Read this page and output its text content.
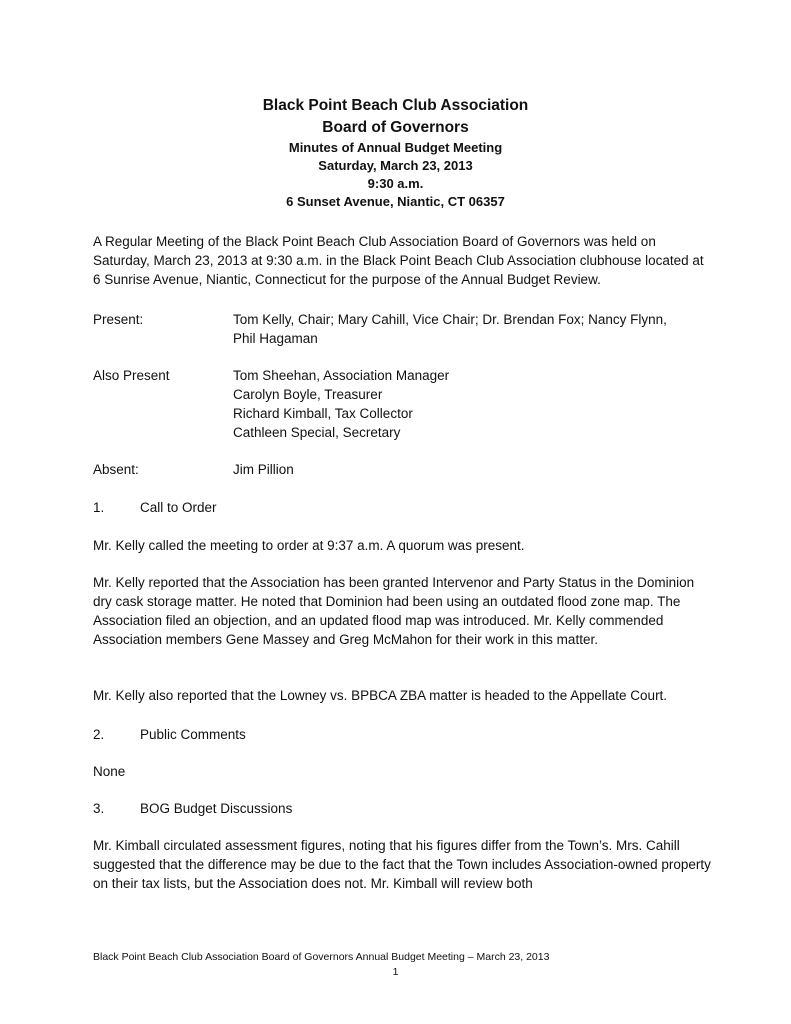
Black Point Beach Club Association
Board of Governors
Minutes of Annual Budget Meeting
Saturday, March 23, 2013
9:30 a.m.
6 Sunset Avenue, Niantic, CT 06357

A Regular Meeting of the Black Point Beach Club Association Board of Governors was held on Saturday, March 23, 2013 at 9:30 a.m. in the Black Point Beach Club Association clubhouse located at 6 Sunrise Avenue, Niantic, Connecticut for the purpose of the Annual Budget Review.

Present:	Tom Kelly, Chair; Mary Cahill, Vice Chair; Dr. Brendan Fox; Nancy Flynn,
Phil Hagaman
Also Present	Tom Sheehan, Association Manager
Carolyn Boyle, Treasurer
Richard Kimball, Tax Collector
Cathleen Special, Secretary
Absent:	Jim Pillion
1.	Call to Order

Mr. Kelly called the meeting to order at 9:37 a.m. A quorum was present.

Mr. Kelly reported that the Association has been granted Intervenor and Party Status in the Dominion dry cask storage matter. He noted that Dominion had been using an outdated flood zone map. The Association filed an objection, and an updated flood map was introduced. Mr. Kelly commended Association members Gene Massey and Greg McMahon for their work in this matter.

Mr. Kelly also reported that the Lowney vs. BPBCA ZBA matter is headed to the Appellate Court.

2.	Public Comments

None

3.	BOG Budget Discussions

Mr. Kimball circulated assessment figures, noting that his figures differ from the Town’s. Mrs. Cahill suggested that the difference may be due to the fact that the Town includes Association-owned property on their tax lists, but the Association does not. Mr. Kimball will review both

Black Point Beach Club Association Board of Governors Annual Budget Meeting – March 23, 2013
1
